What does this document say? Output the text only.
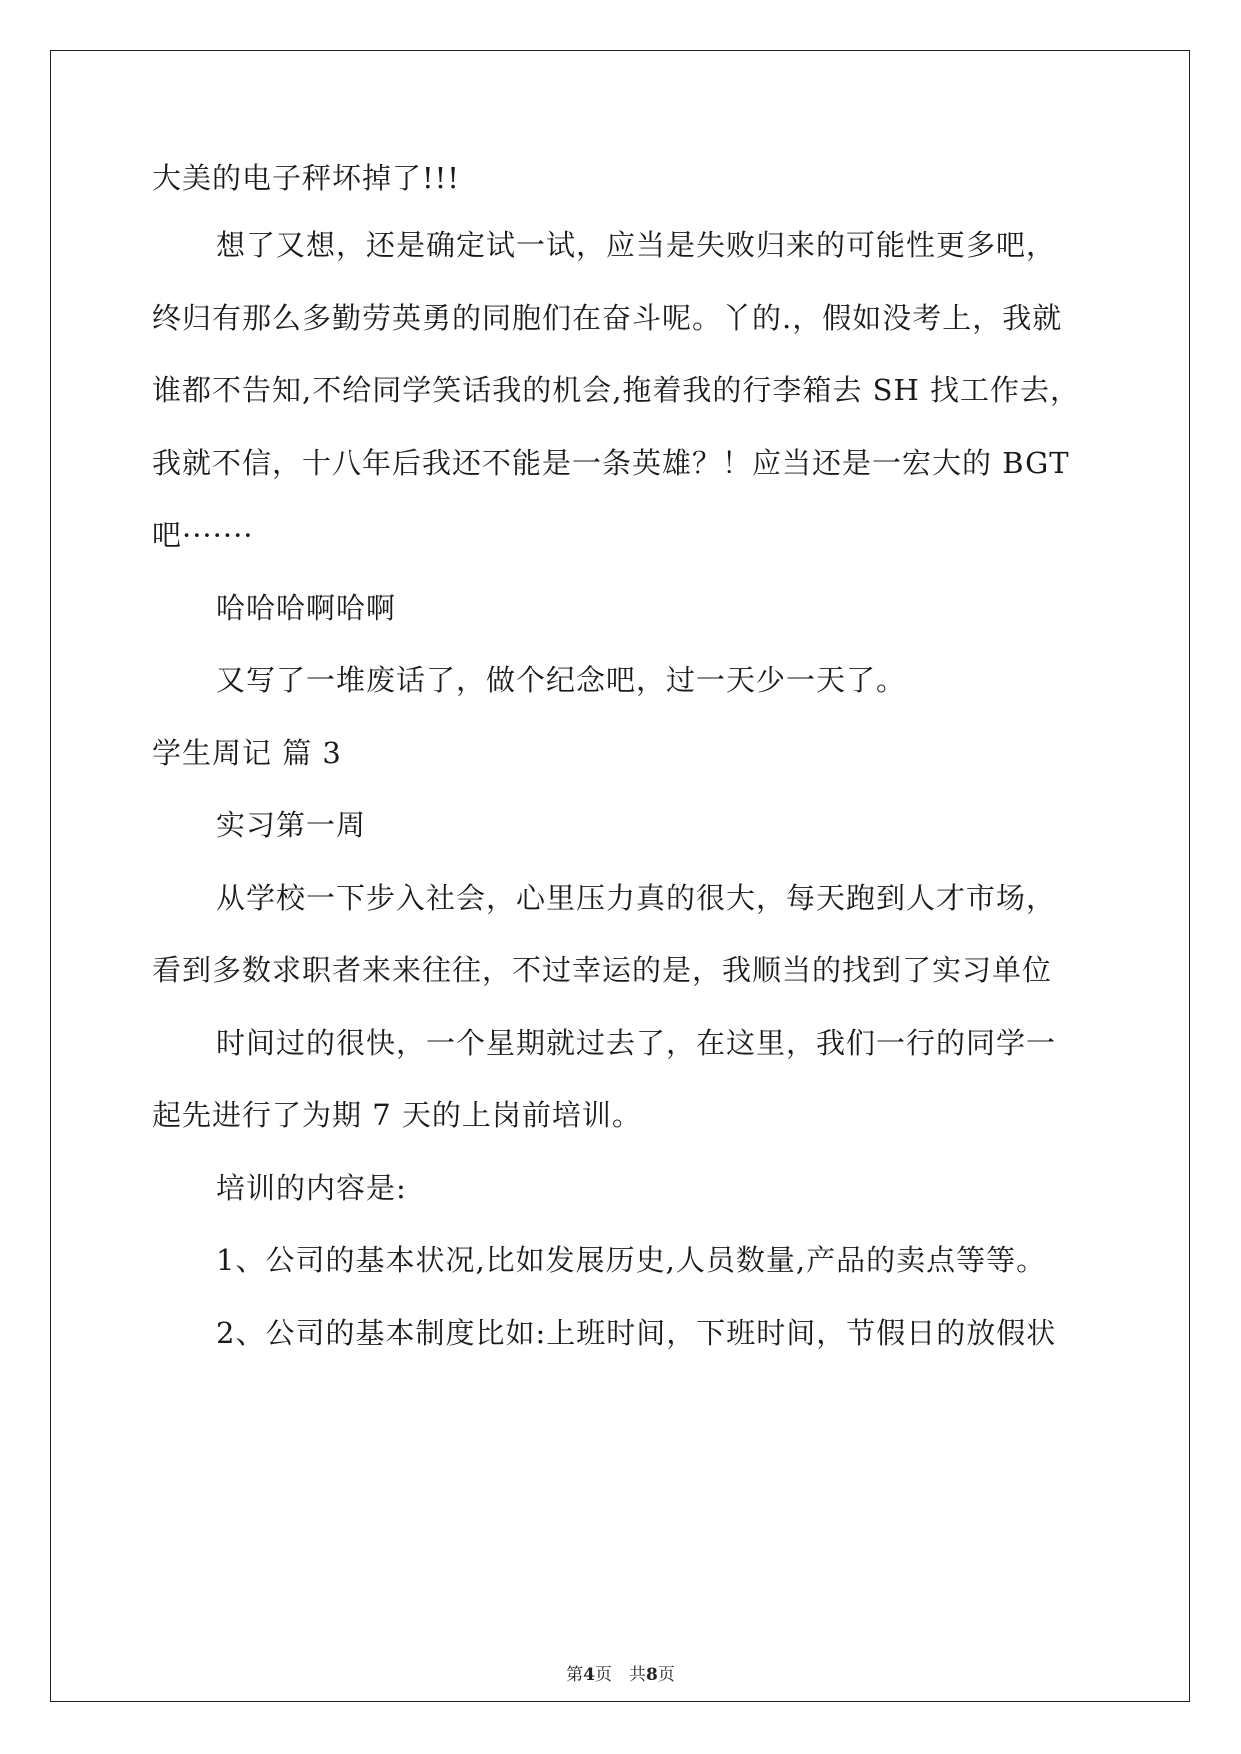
大美的电子秤坏掉了!!!
想了又想，还是确定试一试，应当是失败归来的可能性更多吧，
终归有那么多勤劳英勇的同胞们在奋斗呢。丫的.，假如没考上，我就
谁都不告知,不给同学笑话我的机会,拖着我的行李箱去 SH 找工作去，
我就不信，十八年后我还不能是一条英雄？！应当还是一宏大的 BGT
吧·······
哈哈哈啊哈啊
又写了一堆废话了，做个纪念吧，过一天少一天了。
学生周记 篇 3
实习第一周
从学校一下步入社会，心里压力真的很大，每天跑到人才市场，
看到多数求职者来来往往，不过幸运的是，我顺当的找到了实习单位
时间过的很快，一个星期就过去了，在这里，我们一行的同学一
起先进行了为期 7 天的上岗前培训。
培训的内容是:
1、公司的基本状况,比如发展历史,人员数量,产品的卖点等等。
2、公司的基本制度比如:上班时间，下班时间，节假日的放假状
第4页　共8页
